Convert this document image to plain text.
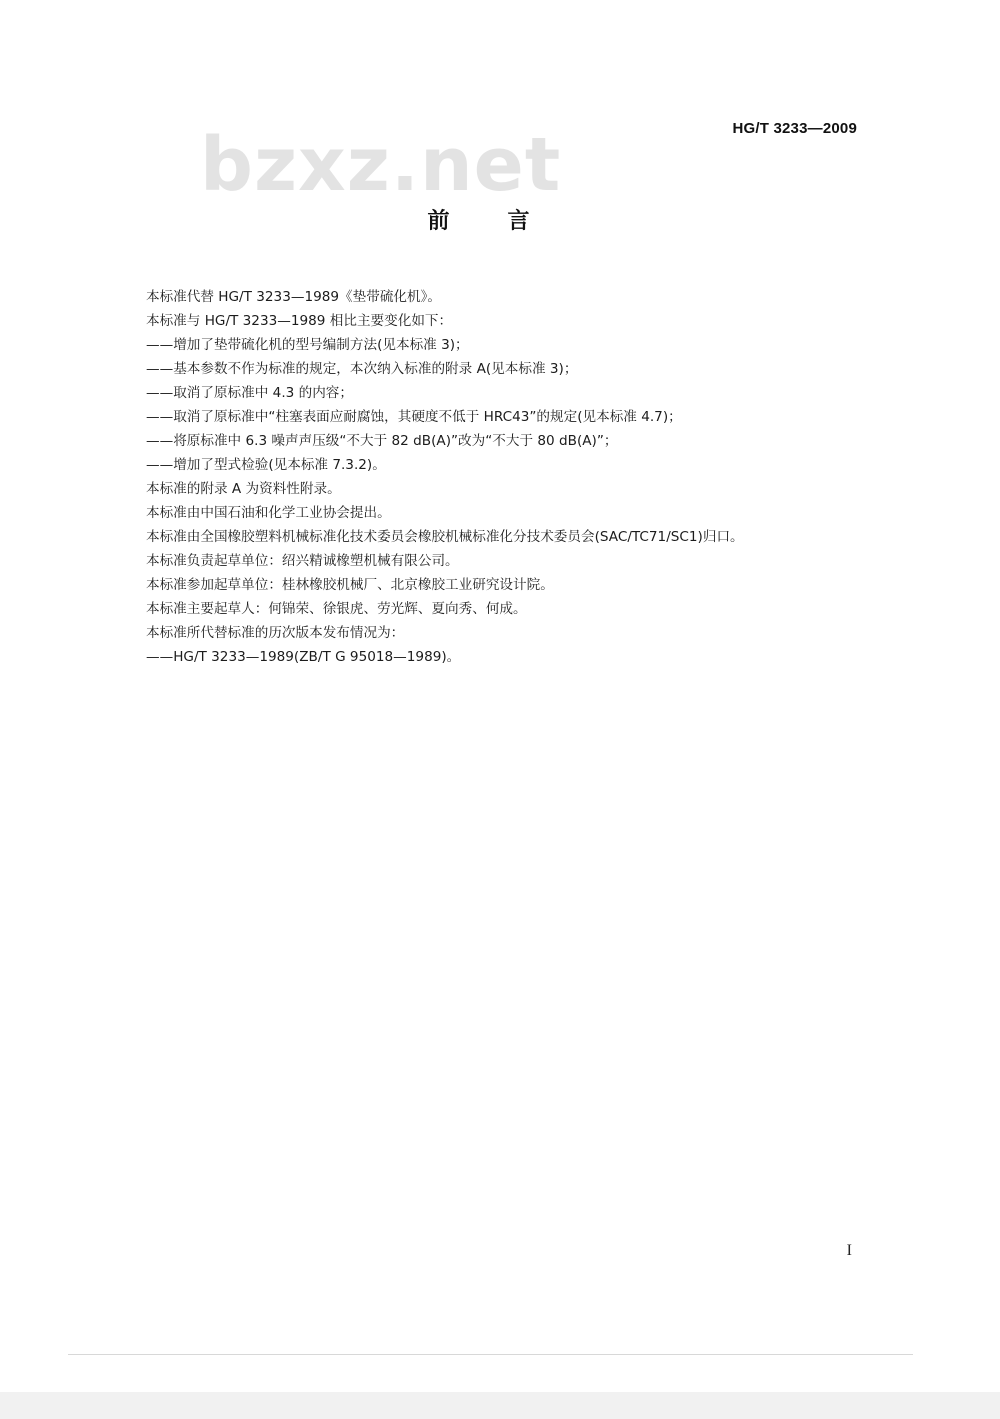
HG/T 3233—2009
bzxz.net
前	言

本标准代替 HG/T 3233—1989《垫带硫化机》。

本标准与 HG/T 3233—1989 相比主要变化如下：

——增加了垫带硫化机的型号编制方法(见本标准 3)；

——基本参数不作为标准的规定，本次纳入标准的附录 A(见本标准 3)；

——取消了原标准中 4.3 的内容；

——取消了原标准中“柱塞表面应耐腐蚀，其硬度不低于 HRC43”的规定(见本标准 4.7)；

——将原标准中 6.3 噪声声压级“不大于 82 dB(A)”改为“不大于 80 dB(A)”；

——增加了型式检验(见本标准 7.3.2)。

本标准的附录 A 为资料性附录。

本标准由中国石油和化学工业协会提出。

本标准由全国橡胶塑料机械标准化技术委员会橡胶机械标准化分技术委员会(SAC/TC71/SC1)归口。

本标准负责起草单位：绍兴精诚橡塑机械有限公司。

本标准参加起草单位：桂林橡胶机械厂、北京橡胶工业研究设计院。

本标准主要起草人：何锦荣、徐银虎、劳光辉、夏向秀、何成。

本标准所代替标准的历次版本发布情况为：

——HG/T 3233—1989(ZB/T G 95018—1989)。

I
